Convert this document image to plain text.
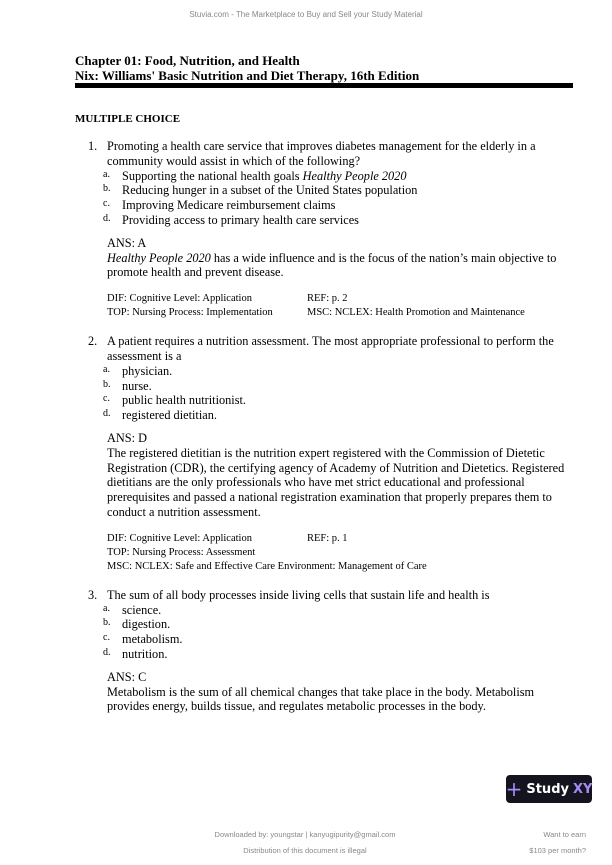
Stuvia.com - The Marketplace to Buy and Sell your Study Material
Chapter 01: Food, Nutrition, and Health
Nix: Williams' Basic Nutrition and Diet Therapy, 16th Edition
MULTIPLE CHOICE
1. Promoting a health care service that improves diabetes management for the elderly in a community would assist in which of the following?
a. Supporting the national health goals Healthy People 2020
b. Reducing hunger in a subset of the United States population
c. Improving Medicare reimbursement claims
d. Providing access to primary health care services
ANS: A
Healthy People 2020 has a wide influence and is the focus of the nation’s main objective to promote health and prevent disease.
DIF: Cognitive Level: Application	REF: p. 2
TOP: Nursing Process: Implementation	MSC: NCLEX: Health Promotion and Maintenance
2. A patient requires a nutrition assessment. The most appropriate professional to perform the assessment is a
a. physician.
b. nurse.
c. public health nutritionist.
d. registered dietitian.
ANS: D
The registered dietitian is the nutrition expert registered with the Commission of Dietetic Registration (CDR), the certifying agency of Academy of Nutrition and Dietetics. Registered dietitians are the only professionals who have met strict educational and professional prerequisites and passed a national registration examination that properly prepares them to conduct a nutrition assessment.
DIF: Cognitive Level: Application	REF: p. 1
TOP: Nursing Process: Assessment
MSC: NCLEX: Safe and Effective Care Environment: Management of Care
3. The sum of all body processes inside living cells that sustain life and health is
a. science.
b. digestion.
c. metabolism.
d. nutrition.
ANS: C
Metabolism is the sum of all chemical changes that take place in the body. Metabolism provides energy, builds tissue, and regulates metabolic processes in the body.
+ Study XY
Downloaded by: youngstar | kanyugipurity@gmail.com
Distribution of this document is illegal
Want to earn
$103 per month?
